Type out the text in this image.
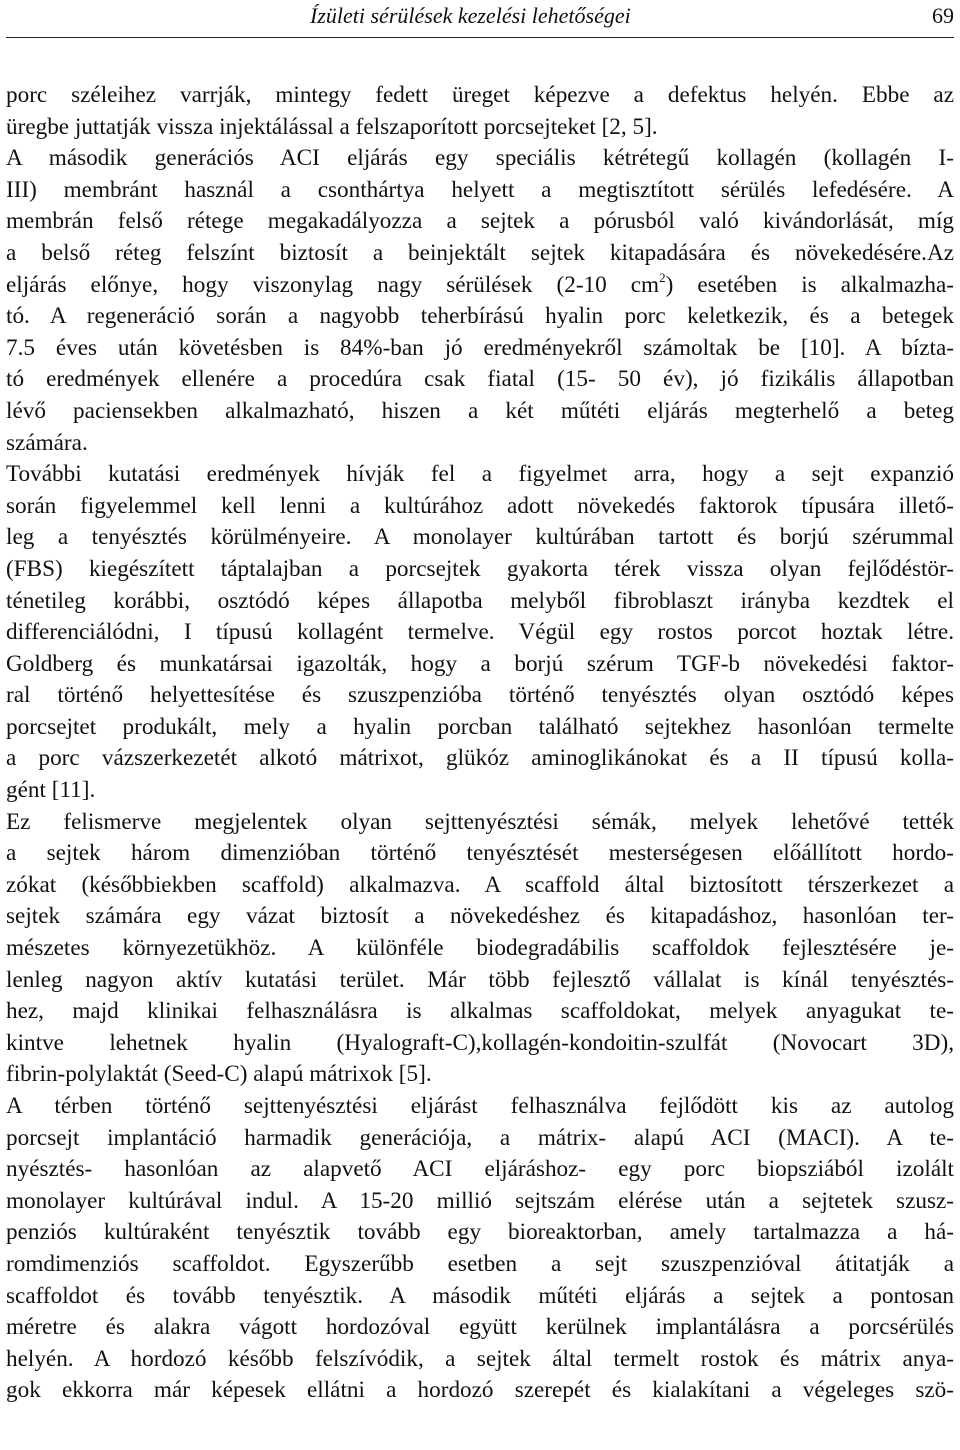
Ízületi sérülések kezelési lehetőségei	69
porc széleihez varrják, mintegy fedett üreget képezve a defektus helyén. Ebbe az
üregbe juttatják vissza injektálással a felszaporított porcsejteket [2, 5].
A második generációs ACI eljárás egy speciális kétrétegű kollagén (kollagén I-
III) membránt használ a csonthártya helyett a megtisztított sérülés lefedésére. A
membrán felső rétege megakadályozza a sejtek a pórusból való kivándorlását, míg
a belső réteg felszínt biztosít a beinjektált sejtek kitapadására és növekedésére.Az
eljárás előnye, hogy viszonylag nagy sérülések (2-10 $cm^2$) esetében is alkalmazha-
tó. A regeneráció során a nagyobb teherbírású hyalin porc keletkezik, és a betegek
7.5 éves után követésben is 84%-ban jó eredményekről számoltak be [10]. A bízta-
tó eredmények ellenére a procedúra csak fiatal (15- 50 év), jó fizikális állapotban
lévő paciensekben alkalmazható, hiszen a két műtéti eljárás megterhelő a beteg
számára.
További kutatási eredmények hívják fel a figyelmet arra, hogy a sejt expanzió
során figyelemmel kell lenni a kultúrához adott növekedés faktorok típusára illető-
leg a tenyésztés körülményeire. A monolayer kultúrában tartott és borjú szérummal
(FBS) kiegészített táptalajban a porcsejtek gyakorta térek vissza olyan fejlődéstör-
ténetileg korábbi, osztódó képes állapotba melyből fibroblaszt irányba kezdtek el
differenciálódni, I típusú kollagént termelve. Végül egy rostos porcot hoztak létre.
Goldberg és munkatársai igazolták, hogy a borjú szérum TGF-b növekedési faktor-
ral történő helyettesítése és szuszpenzióba történő tenyésztés olyan osztódó képes
porcsejtet produkált, mely a hyalin porcban található sejtekhez hasonlóan termelte
a porc vázszerkezetét alkotó mátrixot, glükóz aminoglikánokat és a II típusú kolla-
gént [11].
Ez felismerve megjelentek olyan sejttenyésztési sémák, melyek lehetővé tették
a sejtek három dimenzióban történő tenyésztését mesterségesen előállított hordo-
zókat (későbbiekben scaffold) alkalmazva. A scaffold által biztosított térszerkezet a
sejtek számára egy vázat biztosít a növekedéshez és kitapadáshoz, hasonlóan ter-
mészetes környezetükhöz. A különféle biodegradábilis scaffoldok fejlesztésére je-
lenleg nagyon aktív kutatási terület. Már több fejlesztő vállalat is kínál tenyésztés-
hez, majd klinikai felhasználásra is alkalmas scaffoldokat, melyek anyagukat te-
kintve lehetnek hyalin (Hyalograft-C),kollagén-kondoitin-szulfát (Novocart 3D),
fibrin-polylaktát (Seed-C) alapú mátrixok [5].
A térben történő sejttenyésztési eljárást felhasználva fejlődött kis az autolog
porcsejt implantáció harmadik generációja, a mátrix- alapú ACI (MACI). A te-
nyésztés- hasonlóan az alapvető ACI eljáráshoz- egy porc biopsziából izolált
monolayer kultúrával indul. A 15-20 millió sejtszám elérése után a sejtetek szusz-
penziós kultúraként tenyésztik tovább egy bioreaktorban, amely tartalmazza a há-
romdimenziós scaffoldot. Egyszerűbb esetben a sejt szuszpenzióval átitatják a
scaffoldot és tovább tenyésztik. A második műtéti eljárás a sejtek a pontosan
méretre és alakra vágott hordozóval együtt kerülnek implantálásra a porcsérülés
helyén. A hordozó később felszívódik, a sejtek által termelt rostok és mátrix anya-
gok ekkorra már képesek ellátni a hordozó szerepét és kialakítani a végeleges szö-
